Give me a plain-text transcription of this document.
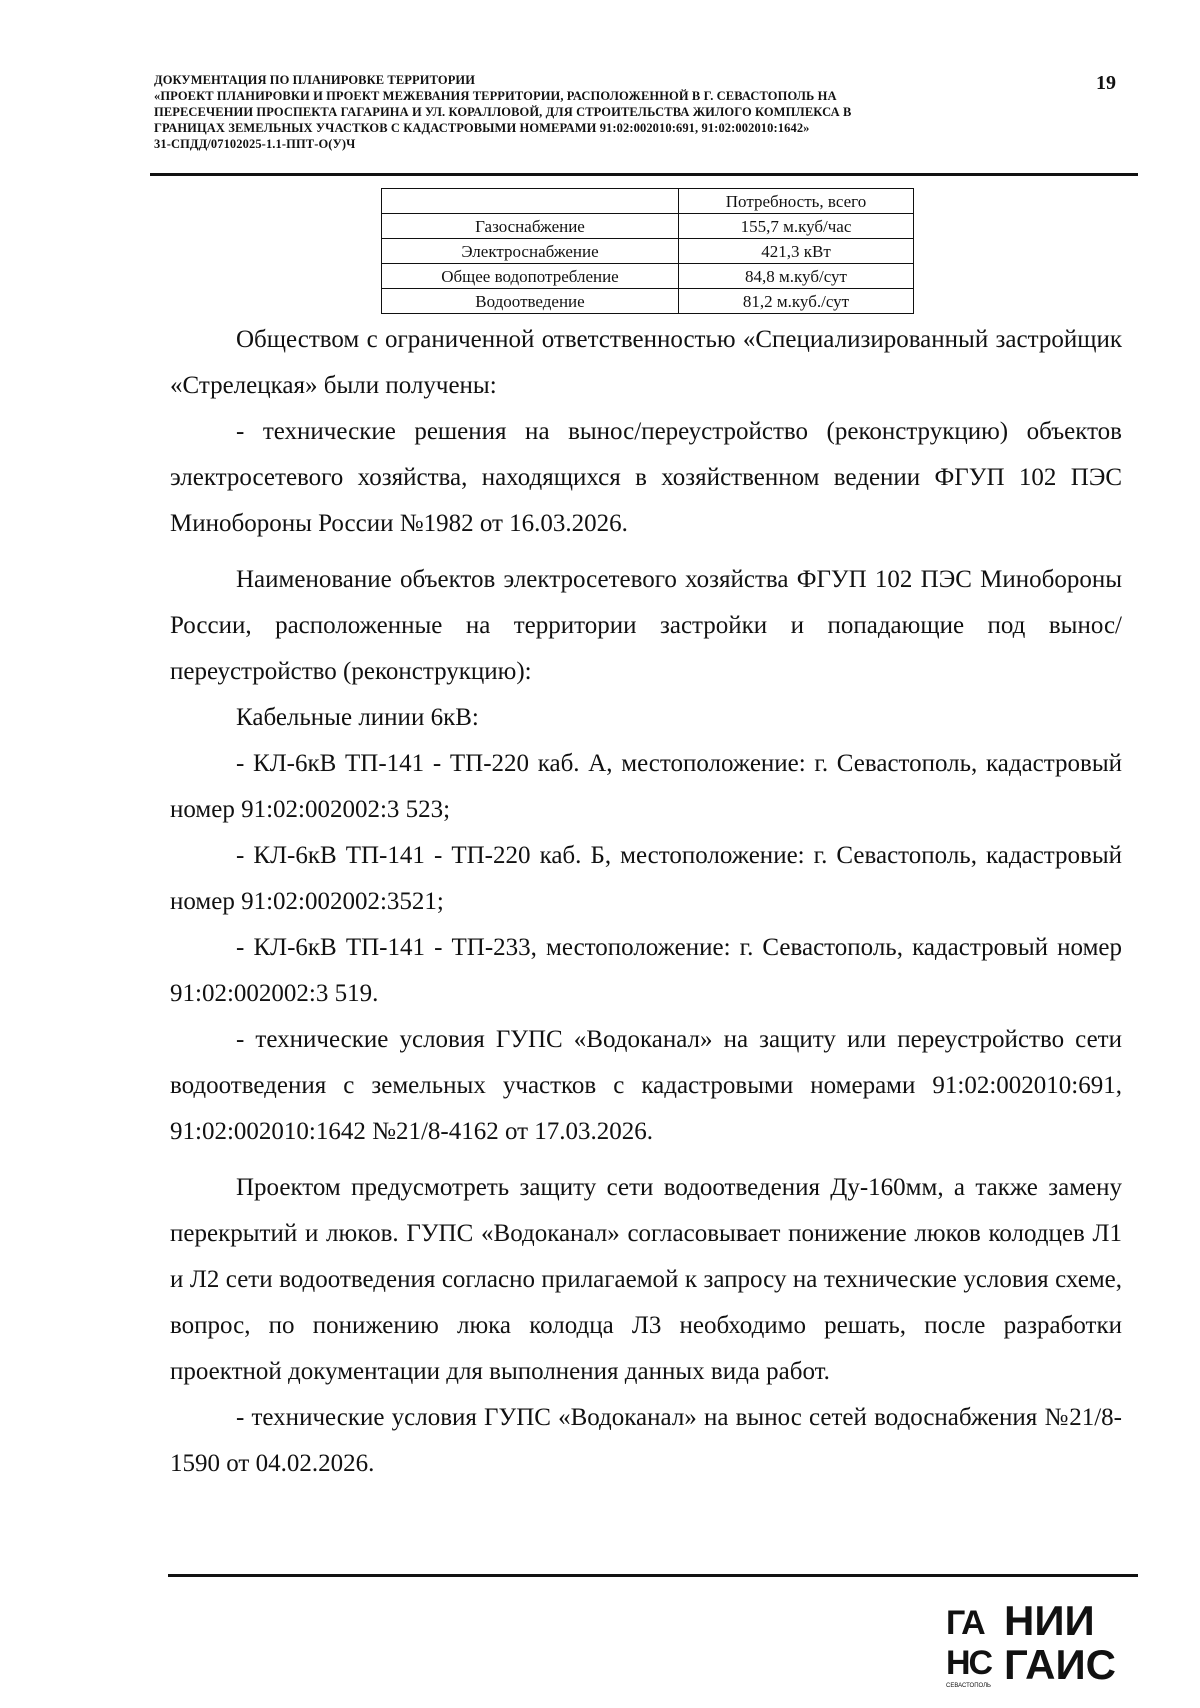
ДОКУМЕНТАЦИЯ ПО ПЛАНИРОВКЕ ТЕРРИТОРИИ
«ПРОЕКТ ПЛАНИРОВКИ И ПРОЕКТ МЕЖЕВАНИЯ ТЕРРИТОРИИ, РАСПОЛОЖЕННОЙ В Г. СЕВАСТОПОЛЬ НА
ПЕРЕСЕЧЕНИИ ПРОСПЕКТА ГАГАРИНА И УЛ. КОРАЛЛОВОЙ, ДЛЯ СТРОИТЕЛЬСТВА ЖИЛОГО КОМПЛЕКСА В
ГРАНИЦАХ ЗЕМЕЛЬНЫХ УЧАСТКОВ С КАДАСТРОВЫМИ НОМЕРАМИ 91:02:002010:691, 91:02:002010:1642»
31-СПДД/07102025-1.1-ППТ-О(У)Ч
19
	Потребность, всего
Газоснабжение	155,7 м.куб/час
Электроснабжение	421,3 кВт
Общее водопотребление	84,8 м.куб/сут
Водоотведение	81,2 м.куб./сут

Обществом с ограниченной ответственностью «Специализированный застройщик «Стрелецкая» были получены:

- технические решения на вынос/переустройство (реконструкцию) объектов электросетевого хозяйства, находящихся в хозяйственном ведении ФГУП 102 ПЭС Минобороны России №1982 от 16.03.2026.

Наименование объектов электросетевого хозяйства ФГУП 102 ПЭС Минобороны России, расположенные на территории застройки и попадающие под вынос/переустройство (реконструкцию):

Кабельные линии 6кВ:

- КЛ-6кВ ТП-141 - ТП-220 каб. А, местоположение: г. Севастополь, кадастровый номер 91:02:002002:3 523;

- КЛ-6кВ ТП-141 - ТП-220 каб. Б, местоположение: г. Севастополь, кадастровый номер 91:02:002002:3521;

- КЛ-6кВ ТП-141 - ТП-233, местоположение: г. Севастополь, кадастровый номер 91:02:002002:3 519.

- технические условия ГУПС «Водоканал» на защиту или переустройство сети водоотведения с земельных участков с кадастровыми номерами 91:02:002010:691, 91:02:002010:1642 №21/8-4162 от 17.03.2026.

Проектом предусмотреть защиту сети водоотведения Ду-160мм, а также замену перекрытий и люков. ГУПС «Водоканал» согласовывает понижение люков колодцев Л1 и Л2 сети водоотведения согласно прилагаемой к запросу на технические условия схеме, вопрос, по понижению люка колодца Л3 необходимо решать, после разработки проектной документации для выполнения данных вида работ.

- технические условия ГУПС «Водоканал» на вынос сетей водоснабжения №21/8-1590 от 04.02.2026.

ГА
НС
НИИ
ГАИС
СЕВАСТОПОЛЬ
